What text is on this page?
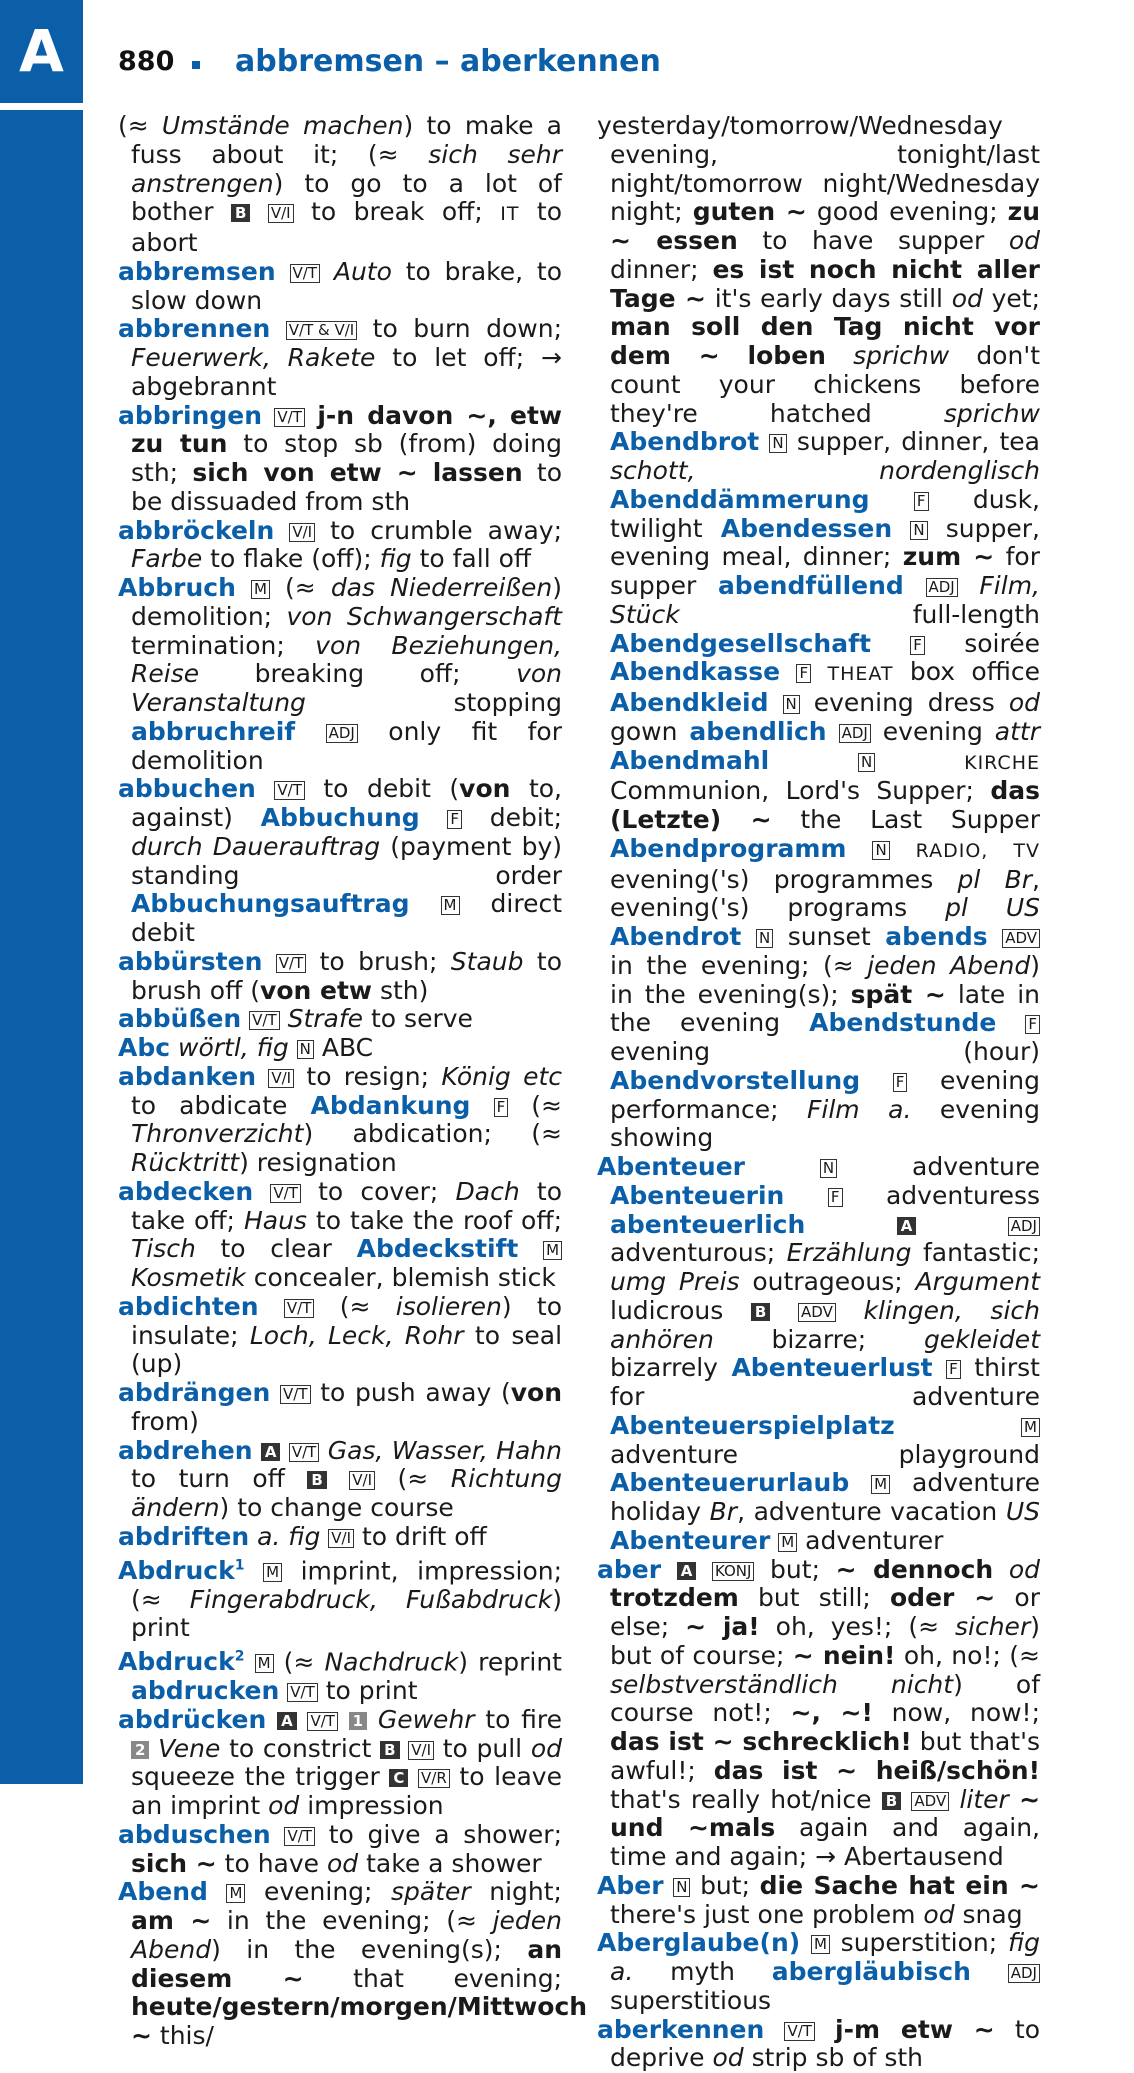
A	880 abbremsen – aberkennen

(≈ Umstände machen) to make a fuss about it; (≈ sich sehr anstrengen) to go to a lot of bother B V/I to break off; IT to abort

abbremsen V/T Auto to brake, to slow down

abbrennen V/T & V/I to burn down; Feuerwerk, Rakete to let off; → abgebrannt

abbringen V/T j-n davon ~, etw zu tun to stop sb (from) doing sth; sich von etw ~ lassen to be dissuaded from sth

abbröckeln V/I to crumble away; Farbe to flake (off); fig to fall off

Abbruch M (≈ das Niederreißen) demolition; von Schwangerschaft termination; von Beziehungen, Reise breaking off; von Veranstaltung stopping abbruchreif ADJ only fit for demolition

abbuchen V/T to debit (von to, against) Abbuchung F debit; durch Dauerauftrag (payment by) standing order Abbuchungsauftrag M direct debit

abbürsten V/T to brush; Staub to brush off (von etw sth)

abbüßen V/T Strafe to serve

Abc wörtl, fig N ABC

abdanken V/I to resign; König etc to abdicate Abdankung F (≈ Thronverzicht) abdication; (≈ Rücktritt) resignation

abdecken V/T to cover; Dach to take off; Haus to take the roof off; Tisch to clear Abdeckstift M Kosmetik concealer, blemish stick

abdichten V/T (≈ isolieren) to insulate; Loch, Leck, Rohr to seal (up)

abdrängen V/T to push away (von from)

abdrehen A V/T Gas, Wasser, Hahn to turn off B V/I (≈ Richtung ändern) to change course

abdriften a. fig V/I to drift off

Abdruck$^1$ M imprint, impression; (≈ Fingerabdruck, Fußabdruck) print

Abdruck$^2$ M (≈ Nachdruck) reprint abdrucken V/T to print

abdrücken A V/T 1 Gewehr to fire 2 Vene to constrict B V/I to pull od squeeze the trigger C V/R to leave an imprint od impression

abduschen V/T to give a shower; sich ~ to have od take a shower

Abend M evening; später night; am ~ in the evening; (≈ jeden Abend) in the evening(s); an diesem ~ that evening; heute/gestern/morgen/Mittwoch ~ this/

yesterday/tomorrow/Wednesday evening, tonight/last night/tomorrow night/Wednesday night; guten ~ good evening; zu ~ essen to have supper od dinner; es ist noch nicht aller Tage ~ it's early days still od yet; man soll den Tag nicht vor dem ~ loben sprichw don't count your chickens before they're hatched sprichw Abendbrot N supper, dinner, tea schott, nordenglisch Abenddämmerung	F dusk, twilight Abendessen N supper, evening meal, dinner; zum ~ for supper abendfüllend ADJ Film, Stück full-length Abendgesellschaft	F soirée Abendkasse F THEAT box office Abendkleid N evening dress od gown abendlich ADJ evening attr Abendmahl	N	KIRCHE Communion, Lord's Supper; das (Letzte) ~ the Last Supper Abendprogramm N RADIO, TV evening('s) programmes pl Br, evening('s) programs pl US Abendrot N sunset abends ADV in the evening; (≈ jeden Abend) in the evening(s); spät ~ late in the evening Abendstunde F evening (hour) Abendvorstellung F evening performance; Film a. evening showing

Abenteuer	N adventure Abenteuerin	F adventuress abenteuerlich	A	ADJ adventurous; Erzählung fantastic; umg Preis outrageous; Argument ludicrous B ADV klingen, sich anhören bizarre; gekleidet bizarrely Abenteuerlust F thirst for adventure Abenteuerspielplatz	M adventure playground Abenteuerurlaub M adventure holiday Br, adventure vacation US Abenteurer M adventurer

aber A KONJ but; ~ dennoch od trotzdem but still; oder ~ or else; ~ ja! oh, yes!; (≈ sicher) but of course; ~ nein! oh, no!; (≈ selbstverständlich nicht) of course not!; ~, ~! now, now!; das ist ~ schrecklich! but that's awful!; das ist ~ heiß/schön! that's really hot/nice B ADV liter ~ und ~mals again and again, time and again; → Abertausend

Aber N but; die Sache hat ein ~ there's just one problem od snag

Aberglaube(n) M superstition; fig a. myth abergläubisch	ADJ superstitious

aberkennen V/T j-m etw ~ to deprive od strip sb of sth
